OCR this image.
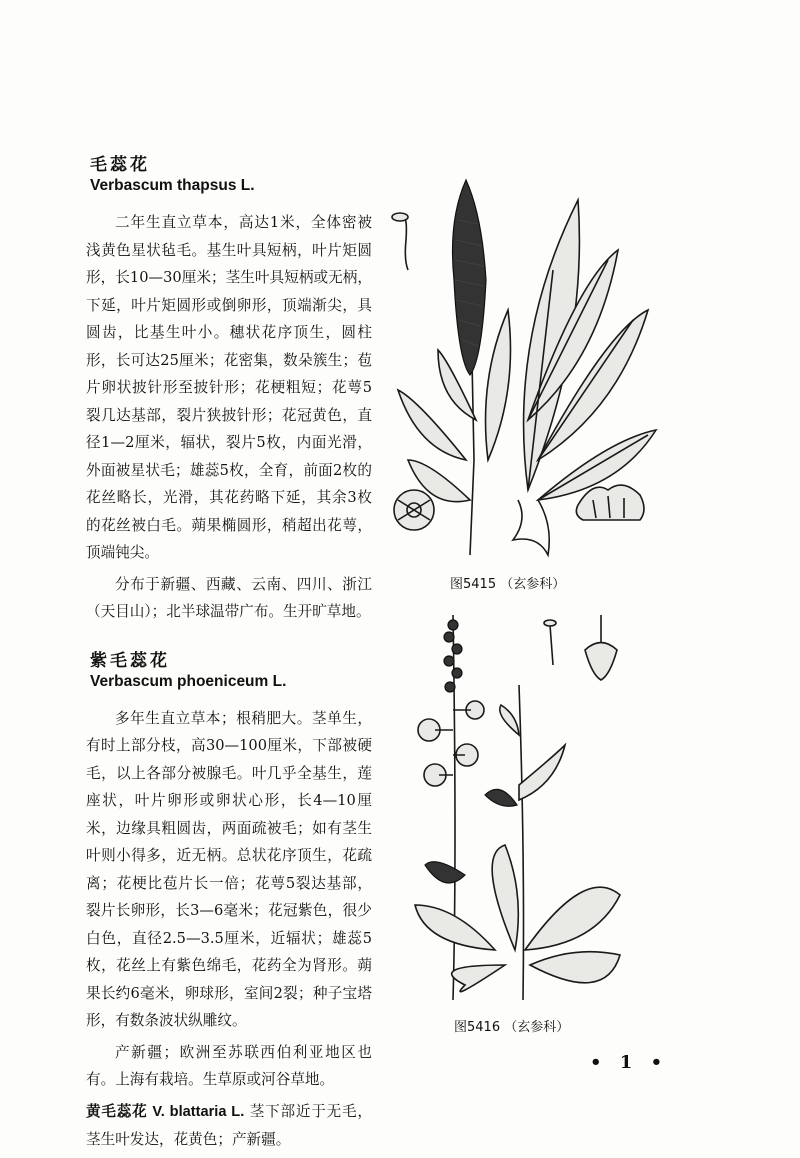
毛蕊花
Verbascum thapsus L.

二年生直立草本，高达1米，全体密被浅黄色星状毡毛。基生叶具短柄，叶片矩圆形，长10—30厘米；茎生叶具短柄或无柄，下延，叶片矩圆形或倒卵形，顶端渐尖，具圆齿，比基生叶小。穗状花序顶生，圆柱形，长可达25厘米；花密集，数朵簇生；苞片卵状披针形至披针形；花梗粗短；花萼5裂几达基部，裂片狭披针形；花冠黄色，直径1—2厘米，辐状，裂片5枚，内面光滑，外面被星状毛；雄蕊5枚，全育，前面2枚的花丝略长，光滑，其花药略下延，其余3枚的花丝被白毛。蒴果椭圆形，稍超出花萼，顶端钝尖。

分布于新疆、西藏、云南、四川、浙江（天目山）；北半球温带广布。生开旷草地。

紫毛蕊花
Verbascum phoeniceum L.

多年生直立草本；根稍肥大。茎单生，有时上部分枝，高30—100厘米，下部被硬毛，以上各部分被腺毛。叶几乎全基生，莲座状，叶片卵形或卵状心形，长4—10厘米，边缘具粗圆齿，两面疏被毛；如有茎生叶则小得多，近无柄。总状花序顶生，花疏离；花梗比苞片长一倍；花萼5裂达基部，裂片长卵形，长3—6毫米；花冠紫色，很少白色，直径2.5—3.5厘米，近辐状；雄蕊5枚，花丝上有紫色绵毛，花药全为肾形。蒴果长约6毫米，卵球形，室间2裂；种子宝塔形，有数条波状纵雕纹。

产新疆；欧洲至苏联西伯利亚地区也有。上海有栽培。生草原或河谷草地。

黄毛蕊花 V. blattaria L. 茎下部近于无毛，茎生叶发达，花黄色；产新疆。

图5415 （玄参科）
图5416 （玄参科）
• 1 •
